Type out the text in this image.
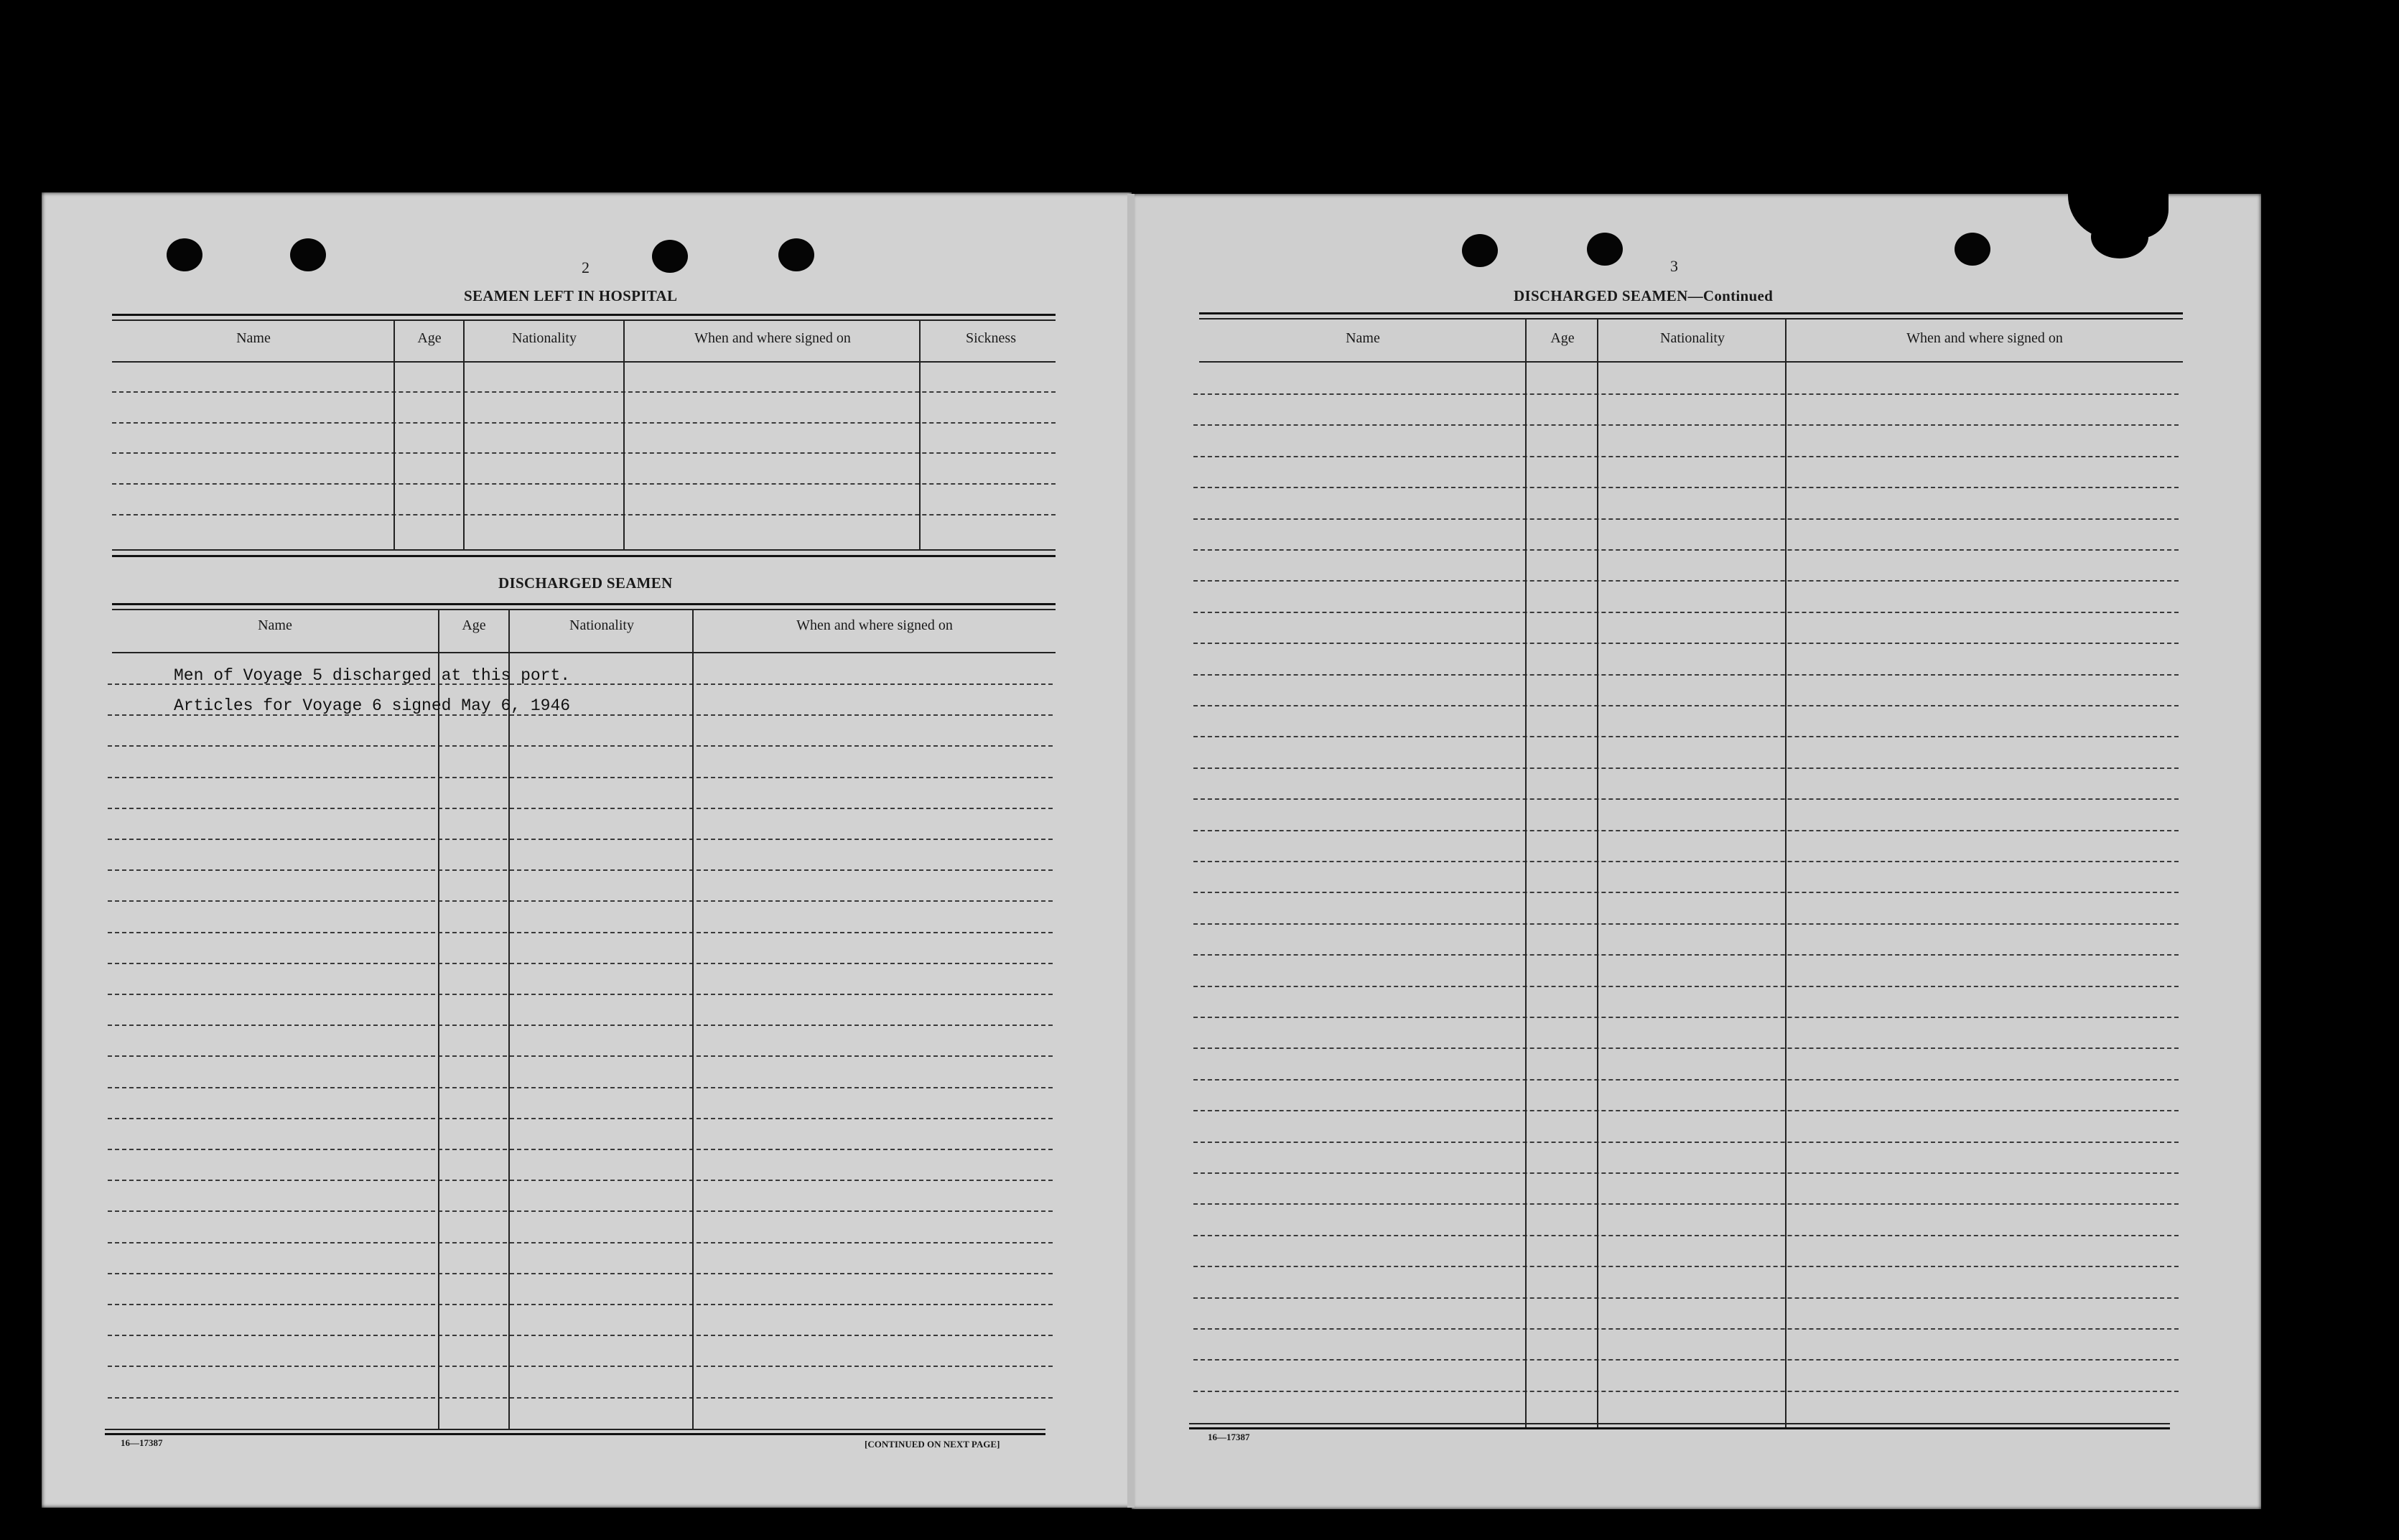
2
SEAMEN LEFT IN HOSPITAL
Name	Age	Nationality	When and where signed on	Sickness
DISCHARGED SEAMEN
Name	Age	Nationality	When and where signed on
Men of Voyage 5 discharged at this port.
Articles for Voyage 6 signed May 6, 1946
16—17387	[CONTINUED ON NEXT PAGE]
3
DISCHARGED SEAMEN—Continued
Name	Age	Nationality	When and where signed on
16—17387
